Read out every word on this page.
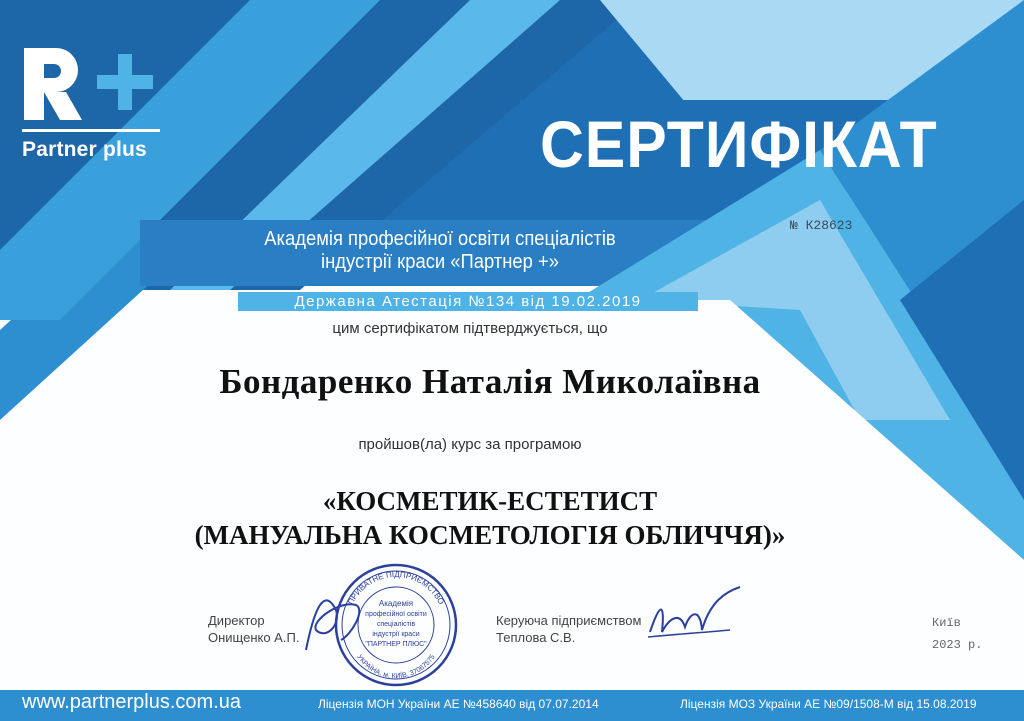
Partner plus	СЕРТИФІКАТ
№ К28623
Академія професійної освіти спеціалістів
індустрії краси «Партнер +»
Державна Атестація №134 від 19.02.2019
цим сертифікатом підтверджується, що
Бондаренко Наталія Миколаївна
пройшов(ла) курс за програмою
«КОСМЕТИК-ЕСТЕТИСТ
(МАНУАЛЬНА КОСМЕТОЛОГІЯ ОБЛИЧЧЯ)»
Директор
Онищенко А.П.
ПРИВАТНЕ ПІДПРИЄМСТВО
УКРАЇНА, м. КИЇВ, 37067575
Академія
професійної освіти
спеціалістів
індустрії краси
"ПАРТНЕР ПЛЮС"
Керуюча підприємством
Теплова С.В.
Київ
2023 р.
www.partnerplus.com.ua	Ліцензія МОН України АЕ №458640 від 07.07.2014	Ліцензія МОЗ України АЕ №09/1508-М від 15.08.2019
